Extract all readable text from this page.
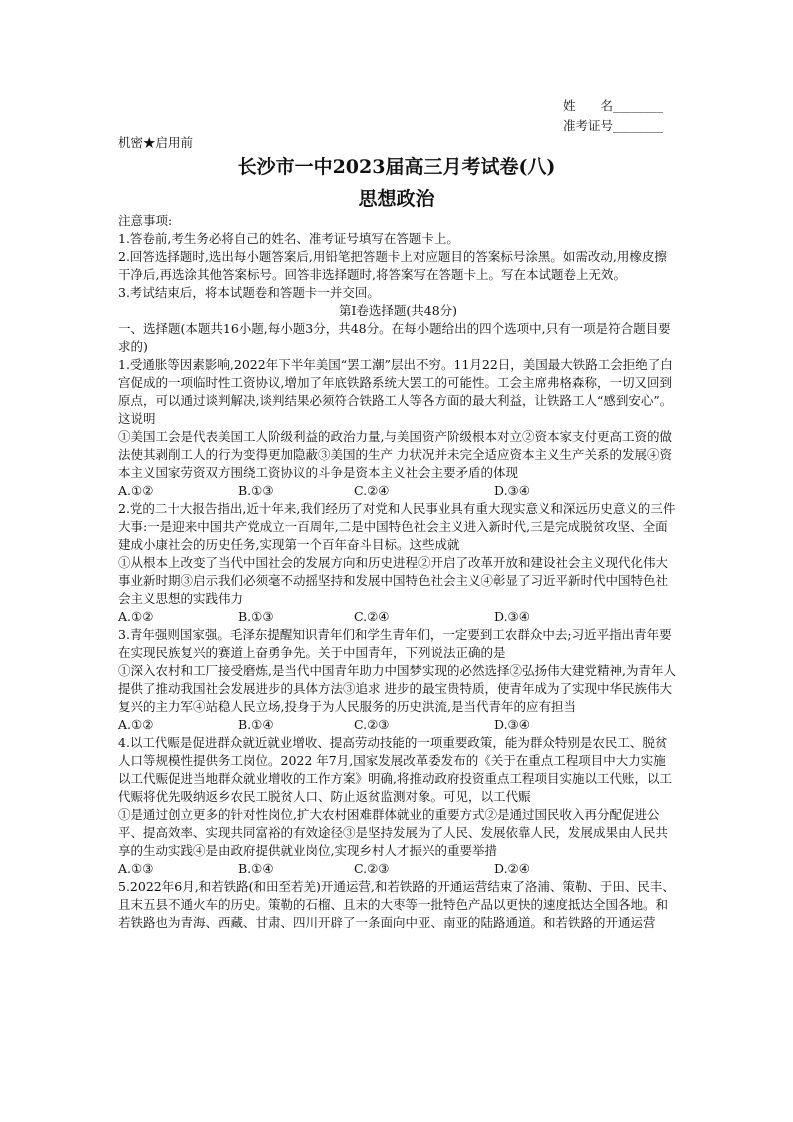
姓　　名________
准考证号________
机密★启用前
长沙市一中2023届高三月考试卷(八)
思想政治

注意事项:

1.答卷前,考生务必将自己的姓名、准考证号填写在答题卡上。

2.回答选择题时,选出每小题答案后,用铅笔把答题卡上对应题目的答案标号涂黑。如需改动,用橡皮擦干净后,再选涂其他答案标号。回答非选择题时,将答案写在答题卡上。写在本试题卷上无效。

3.考试结束后，将本试题卷和答题卡一并交回。

第Ⅰ卷选择题(共48分)

一、选择题(本题共16小题,每小题3分，共48分。在每小题给出的四个选项中,只有一项是符合题目要求的)

1.受通胀等因素影响,2022年下半年美国“罢工潮”层出不穷。11月22日，美国最大铁路工会拒绝了白宫促成的一项临时性工资协议,增加了年底铁路系统大罢工的可能性。工会主席弗格森称，一切又回到原点，可以通过谈判解决,谈判结果必须符合铁路工人等各方面的最大利益，让铁路工人“感到安心”。这说明

①美国工会是代表美国工人阶级利益的政治力量,与美国资产阶级根本对立②资本家支付更高工资的做法使其剥削工人的行为变得更加隐蔽③美国的生产 力状况并未完全适应资本主义生产关系的发展④资本主义国家劳资双方围绕工资协议的斗争是资本主义社会主要矛盾的体现

A.①②	B.①③	C.②④	D.③④

2.党的二十大报告指出,近十年来,我们经历了对党和人民事业具有重大现实意义和深远历史意义的三件大事:一是迎来中国共产党成立一百周年,二是中国特色社会主义进入新时代,三是完成脱贫攻坚、全面建成小康社会的历史任务,实现第一个百年奋斗目标。这些成就

①从根本上改变了当代中国社会的发展方向和历史进程②开启了改革开放和建设社会主义现代化伟大事业新时期③启示我们必须毫不动摇坚持和发展中国特色社会主义④彰显了习近平新时代中国特色社会主义思想的实践伟力

A.①②	B.①③	C.②④	D.③④

3.青年强则国家强。毛泽东提醒知识青年们和学生青年们，一定要到工农群众中去;习近平指出青年要在实现民族复兴的赛道上奋勇争先。关于中国青年，下列说法正确的是

①深入农村和工厂接受磨炼,是当代中国青年助力中国梦实现的必然选择②弘扬伟大建党精神,为青年人提供了推动我国社会发展进步的具体方法③追求 进步的最宝贵特质，使青年成为了实现中华民族伟大复兴的主力军④站稳人民立场,投身于为人民服务的历史洪流,是当代青年的应有担当

A.①②	B.①④	C.②③	D.③④

4.以工代赈是促进群众就近就业增收、提高劳动技能的一项重要政策，能为群众特别是农民工、脱贫人口等规模性提供务工岗位。2022 年7月,国家发展改革委发布的《关于在重点工程项目中大力实施以工代赈促进当地群众就业增收的工作方案》明确,将推动政府投资重点工程项目实施以工代账，以工代赈将优先吸纳返乡农民工脱贫人口、防止返贫监测对象。可见，以工代赈

①是通过创立更多的针对性岗位,扩大农村困难群体就业的重要方式②是通过国民收入再分配促进公平、提高效率、实现共同富裕的有效途径③是坚持发展为了人民、发展依靠人民，发展成果由人民共享的生动实践④是由政府提供就业岗位,实现乡村人才振兴的重要举措

A.①③	B.①④	C.②③	D.②④

5.2022年6月,和若铁路(和田至若羌)开通运营,和若铁路的开通运营结束了洛浦、策勒、于田、民丰、且末五县不通火车的历史。策勒的石榴、且末的大枣等一批特色产品以更快的速度抵达全国各地。和若铁路也为青海、西藏、甘肃、四川开辟了一条面向中亚、南亚的陆路通道。和若铁路的开通运营
